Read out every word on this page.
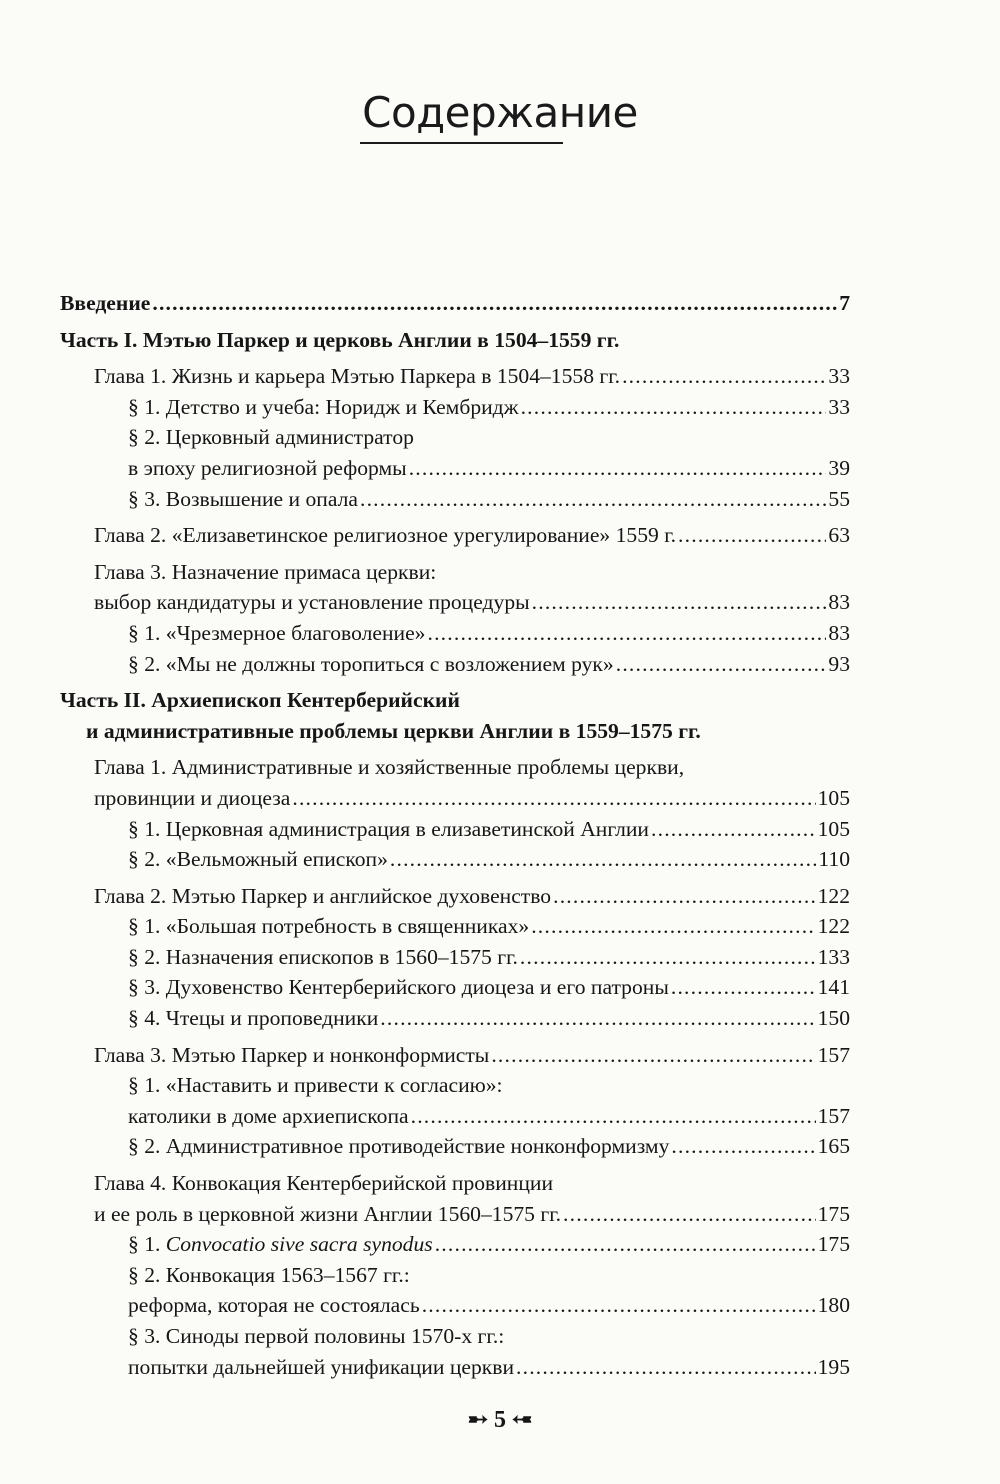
Содержание
Введение .....	7
Часть I. Мэтью Паркер и церковь Англии в 1504–1559 гг.
Глава 1. Жизнь и карьера Мэтью Паркера в 1504–1558 гг. .....	33
§ 1. Детство и учеба: Норидж и Кембридж .....	33
§ 2. Церковный администратор
в эпоху религиозной реформы .....	39
§ 3. Возвышение и опала .....	55
Глава 2. «Елизаветинское религиозное урегулирование» 1559 г. .....	63
Глава 3. Назначение примаса церкви:
выбор кандидатуры и установление процедуры .....	83
§ 1. «Чрезмерное благоволение» .....	83
§ 2. «Мы не должны торопиться с возложением рук» .....	93
Часть II. Архиепископ Кентерберийский
и административные проблемы церкви Англии в 1559–1575 гг.
Глава 1. Административные и хозяйственные проблемы церкви,
провинции и диоцеза .....	105
§ 1. Церковная администрация в елизаветинской Англии .....	105
§ 2. «Вельможный епископ» .....	110
Глава 2. Мэтью Паркер и английское духовенство .....	122
§ 1. «Большая потребность в священниках» .....	122
§ 2. Назначения епископов в 1560–1575 гг. .....	133
§ 3. Духовенство Кентерберийского диоцеза и его патроны .....	141
§ 4. Чтецы и проповедники .....	150
Глава 3. Мэтью Паркер и нонконформисты .....	157
§ 1. «Наставить и привести к согласию»:
католики в доме архиепископа .....	157
§ 2. Административное противодействие нонконформизму .....	165
Глава 4. Конвокация Кентерберийской провинции
и ее роль в церковной жизни Англии 1560–1575 гг. .....	175
§ 1. Convocatio sive sacra synodus .....	175
§ 2. Конвокация 1563–1567 гг.:
реформа, которая не состоялась .....	180
§ 3. Синоды первой половины 1570-х гг.:
попытки дальнейшей унификации церкви .....	195
➸ 5 ➸
